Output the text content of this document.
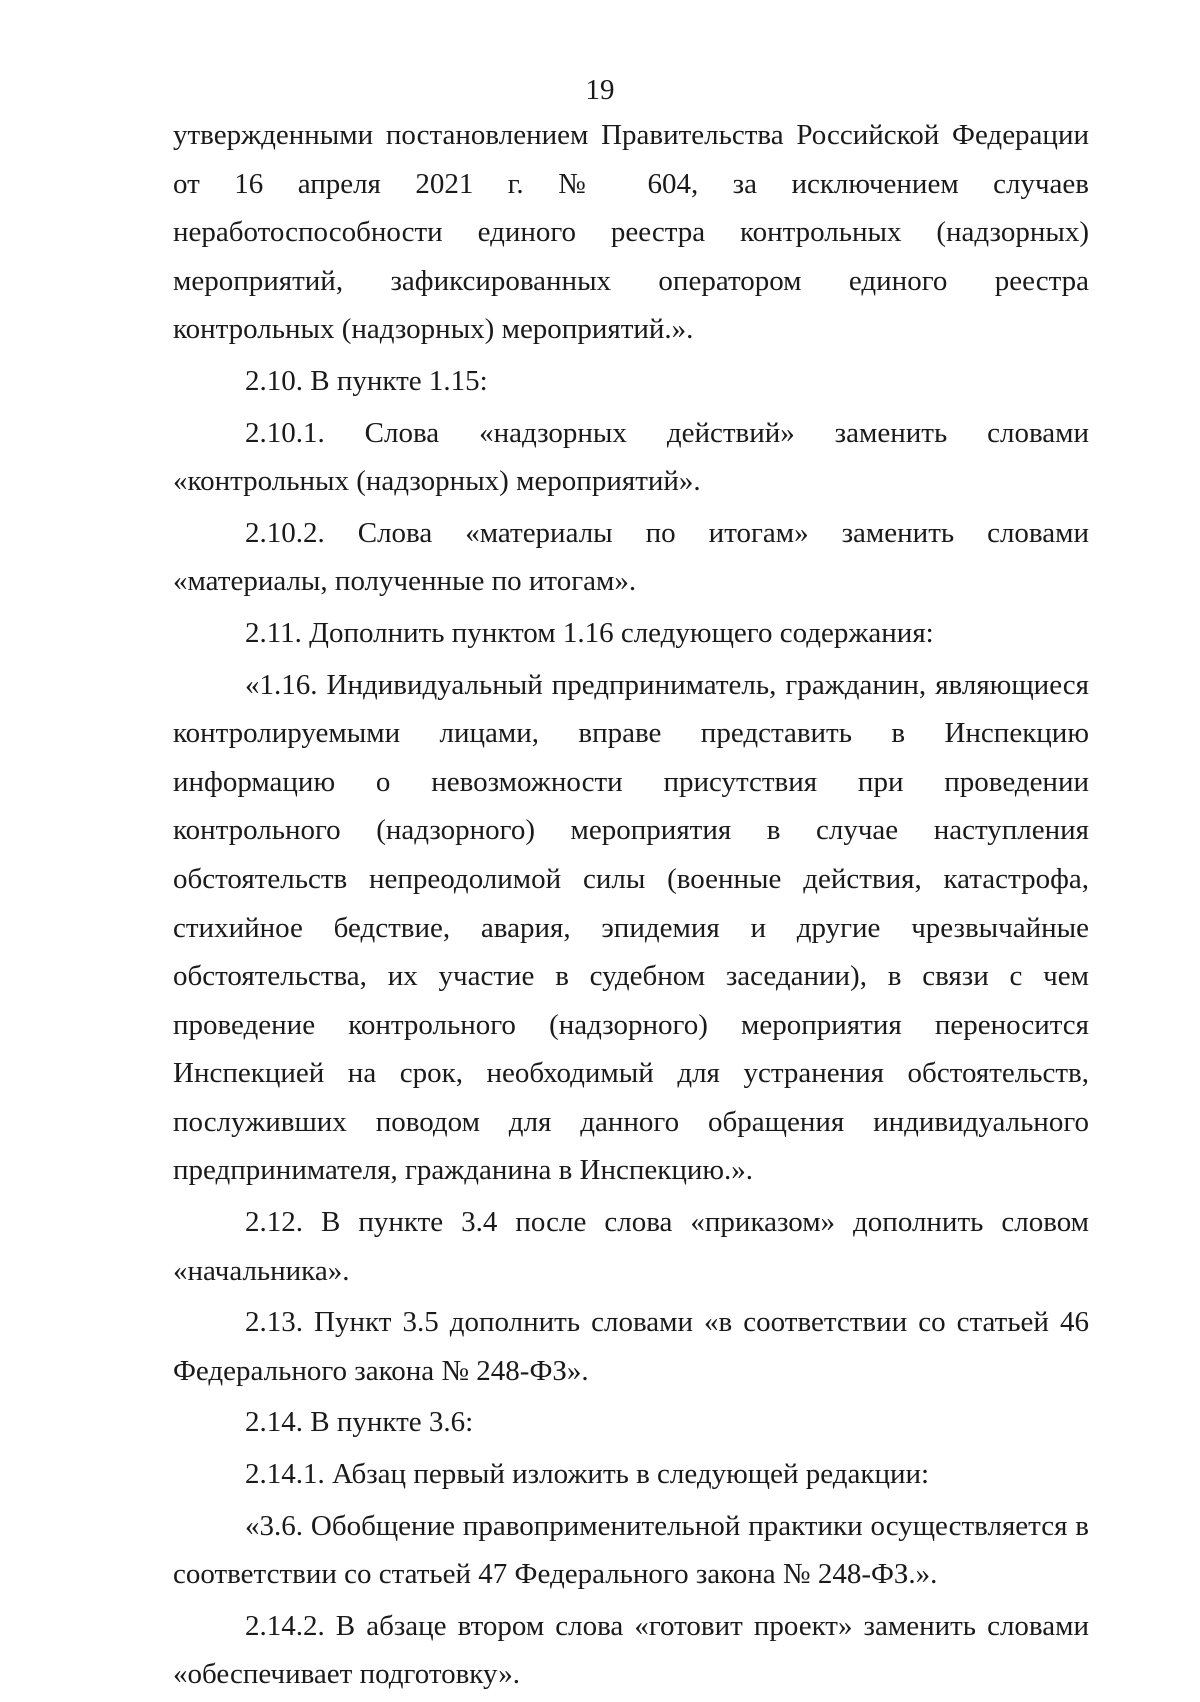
19

утвержденными постановлением Правительства Российской Федерации от 16 апреля 2021 г. № 604, за исключением случаев неработоспособности единого реестра контрольных (надзорных) мероприятий, зафиксированных оператором единого реестра контрольных (надзорных) мероприятий.».

2.10. В пункте 1.15:

2.10.1. Слова «надзорных действий» заменить словами «контрольных (надзорных) мероприятий».

2.10.2. Слова «материалы по итогам» заменить словами «материалы, полученные по итогам».

2.11. Дополнить пунктом 1.16 следующего содержания:

«1.16. Индивидуальный предприниматель, гражданин, являющиеся контролируемыми лицами, вправе представить в Инспекцию информацию о невозможности присутствия при проведении контрольного (надзорного) мероприятия в случае наступления обстоятельств непреодолимой силы (военные действия, катастрофа, стихийное бедствие, авария, эпидемия и другие чрезвычайные обстоятельства, их участие в судебном заседании), в связи с чем проведение контрольного (надзорного) мероприятия переносится Инспекцией на срок, необходимый для устранения обстоятельств, послуживших поводом для данного обращения индивидуального предпринимателя, гражданина в Инспекцию.».

2.12. В пункте 3.4 после слова «приказом» дополнить словом «начальника».

2.13. Пункт 3.5 дополнить словами «в соответствии со статьей 46 Федерального закона № 248-ФЗ».

2.14. В пункте 3.6:

2.14.1. Абзац первый изложить в следующей редакции:

«3.6. Обобщение правоприменительной практики осуществляется в соответствии со статьей 47 Федерального закона № 248-ФЗ.».

2.14.2. В абзаце втором слова «готовит проект» заменить словами «обеспечивает подготовку».
